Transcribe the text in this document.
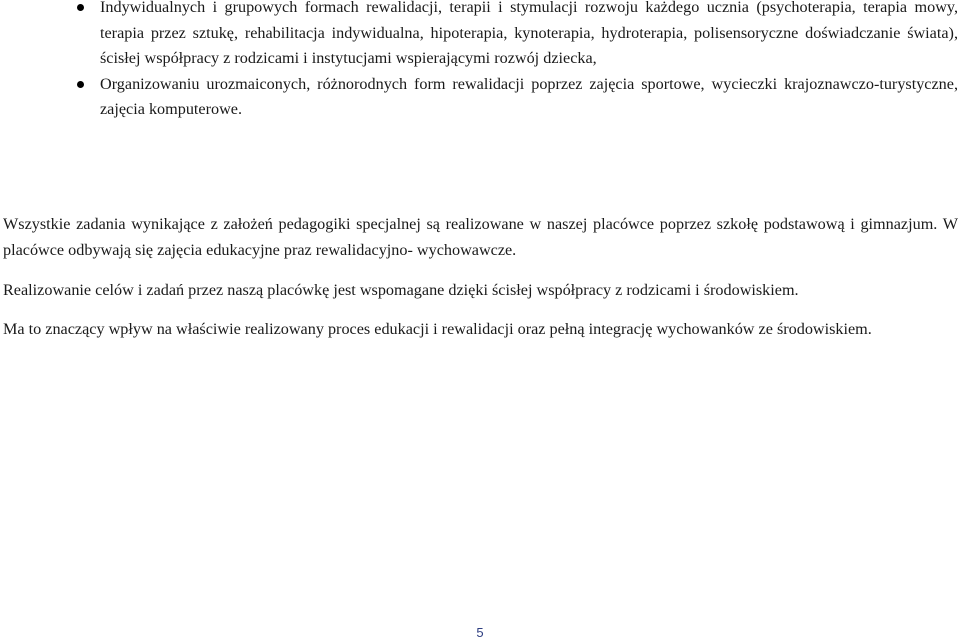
Indywidualnych i grupowych formach rewalidacji, terapii i stymulacji rozwoju każdego ucznia (psychoterapia, terapia mowy, terapia przez sztukę, rehabilitacja indywidualna, hipoterapia, kynoterapia, hydroterapia, polisensoryczne doświadczanie świata), ścisłej współpracy z rodzicami i instytucjami wspierającymi rozwój dziecka,
Organizowaniu urozmaiconych, różnorodnych form rewalidacji poprzez zajęcia sportowe, wycieczki krajoznawczo-turystyczne, zajęcia komputerowe.

Wszystkie zadania wynikające z założeń pedagogiki specjalnej są realizowane w naszej placówce poprzez szkołę podstawową i gimnazjum. W placówce odbywają się zajęcia edukacyjne praz rewalidacyjno- wychowawcze.

Realizowanie celów i zadań przez naszą placówkę jest wspomagane dzięki ścisłej współpracy z rodzicami i środowiskiem.

Ma to znaczący wpływ na właściwie realizowany proces edukacji i rewalidacji oraz pełną integrację wychowanków ze środowiskiem.

5
